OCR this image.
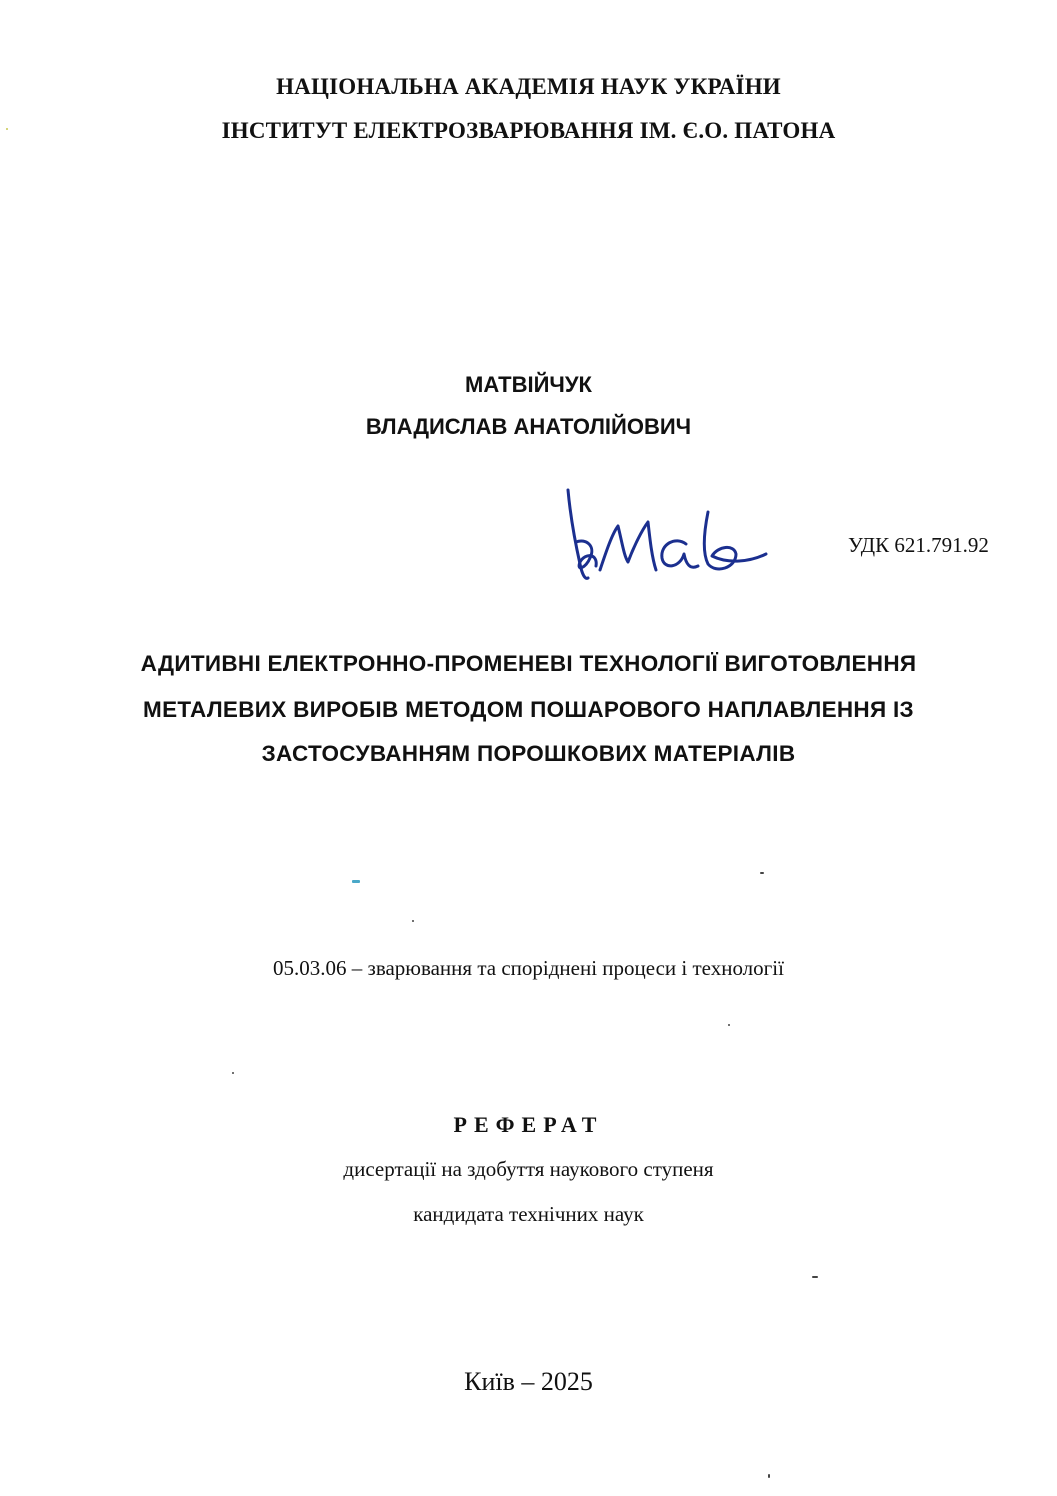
НАЦІОНАЛЬНА АКАДЕМІЯ НАУК УКРАЇНИ
ІНСТИТУТ ЕЛЕКТРОЗВАРЮВАННЯ ІМ. Є.О. ПАТОНА
МАТВІЙЧУК
ВЛАДИСЛАВ АНАТОЛІЙОВИЧ
УДК 621.791.92
АДИТИВНІ ЕЛЕКТРОННО-ПРОМЕНЕВІ ТЕХНОЛОГІЇ ВИГОТОВЛЕННЯ
МЕТАЛЕВИХ ВИРОБІВ МЕТОДОМ ПОШАРОВОГО НАПЛАВЛЕННЯ ІЗ
ЗАСТОСУВАННЯМ ПОРОШКОВИХ МАТЕРІАЛІВ
05.03.06 – зварювання та споріднені процеси і технології
РЕФЕРАТ
дисертації на здобуття наукового ступеня
кандидата технічних наук
Київ – 2025
